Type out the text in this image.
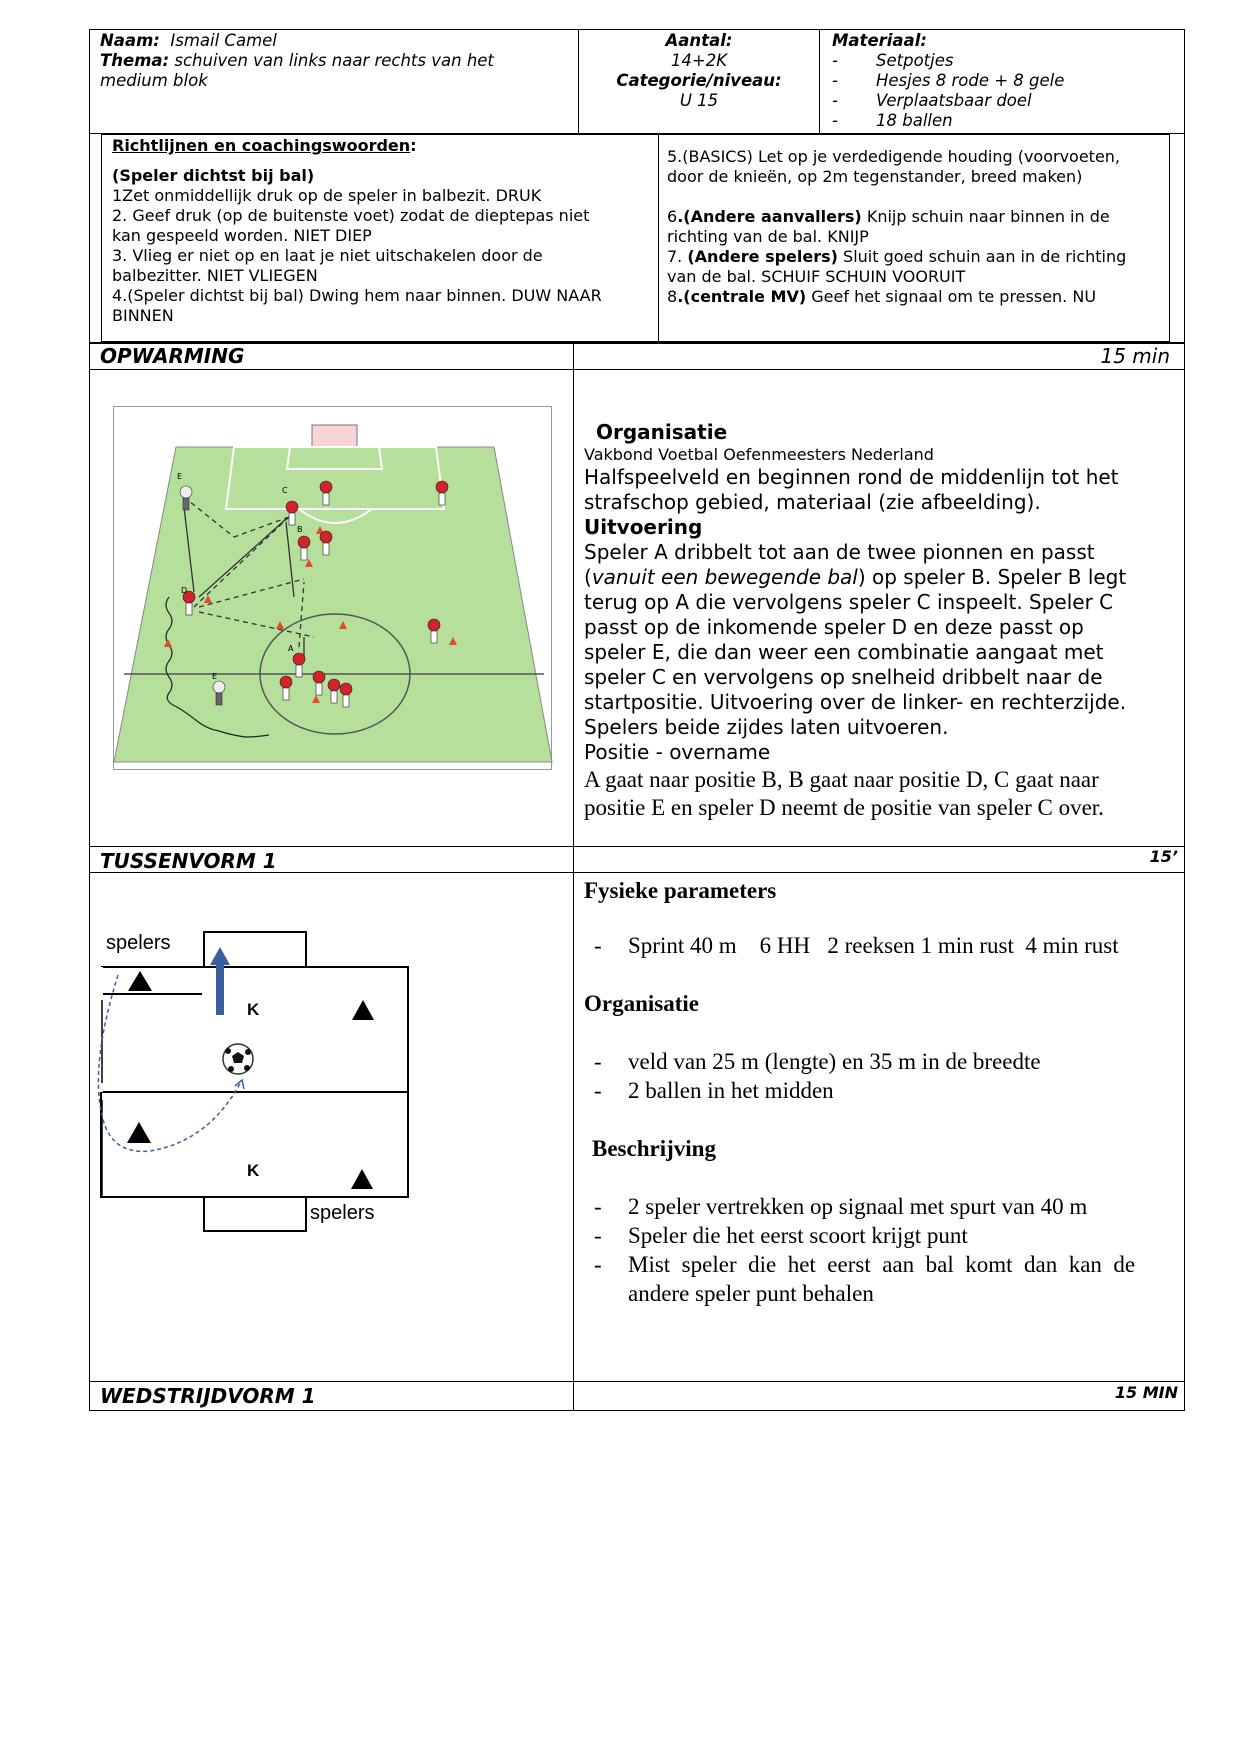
Naam: Ismail Camel
Thema: schuiven van links naar rechts van het
medium blok
Aantal:
14+2K
Categorie/niveau:
U 15
Materiaal:
- Setpotjes
- Hesjes 8 rode + 8 gele
- Verplaatsbaar doel
- 18 ballen
Richtlijnen en coachingswoorden:
(Speler dichtst bij bal)
1Zet onmiddellijk druk op de speler in balbezit. DRUK
2. Geef druk (op de buitenste voet) zodat de dieptepas niet
kan gespeeld worden. NIET DIEP
3. Vlieg er niet op en laat je niet uitschakelen door de
balbezitter. NIET VLIEGEN
4.(Speler dichtst bij bal) Dwing hem naar binnen. DUW NAAR
BINNEN
5.(BASICS) Let op je verdedigende houding (voorvoeten,
door de knieën, op 2m tegenstander, breed maken)
6.(Andere aanvallers) Knijp schuin naar binnen in de
richting van de bal. KNIJP
7. (Andere spelers) Sluit goed schuin aan in de richting
van de bal. SCHUIF SCHUIN VOORUIT
8.(centrale MV) Geef het signaal om te pressen. NU
OPWARMING	15 min
E
C
B
D
A
E
Organisatie
Vakbond Voetbal Oefenmeesters Nederland
Halfspeelveld en beginnen rond de middenlijn tot het
strafschop gebied, materiaal (zie afbeelding).
Uitvoering
Speler A dribbelt tot aan de twee pionnen en passt
(vanuit een bewegende bal) op speler B. Speler B legt
terug op A die vervolgens speler C inspeelt. Speler C
passt op de inkomende speler D en deze passt op
speler E, die dan weer een combinatie aangaat met
speler C en vervolgens op snelheid dribbelt naar de
startpositie. Uitvoering over de linker- en rechterzijde.
Spelers beide zijdes laten uitvoeren.
Positie - overname
A gaat naar positie B, B gaat naar positie D, C gaat naar
positie E en speler D neemt de positie van speler C over.
TUSSENVORM 1	15’
spelers
K
K
spelers
Fysieke parameters
- Sprint 40 m    6 HH   2 reeksen 1 min rust  4 min rust
Organisatie
- veld van 25 m (lengte) en 35 m in de breedte
- 2 ballen in het midden
Beschrijving
- 2 speler vertrekken op signaal met spurt van 40 m
- Speler die het eerst scoort krijgt punt
- Mist  speler  die  het  eerst  aan  bal  komt  dan  kan  de
andere speler punt behalen
WEDSTRIJDVORM 1	15 MIN
